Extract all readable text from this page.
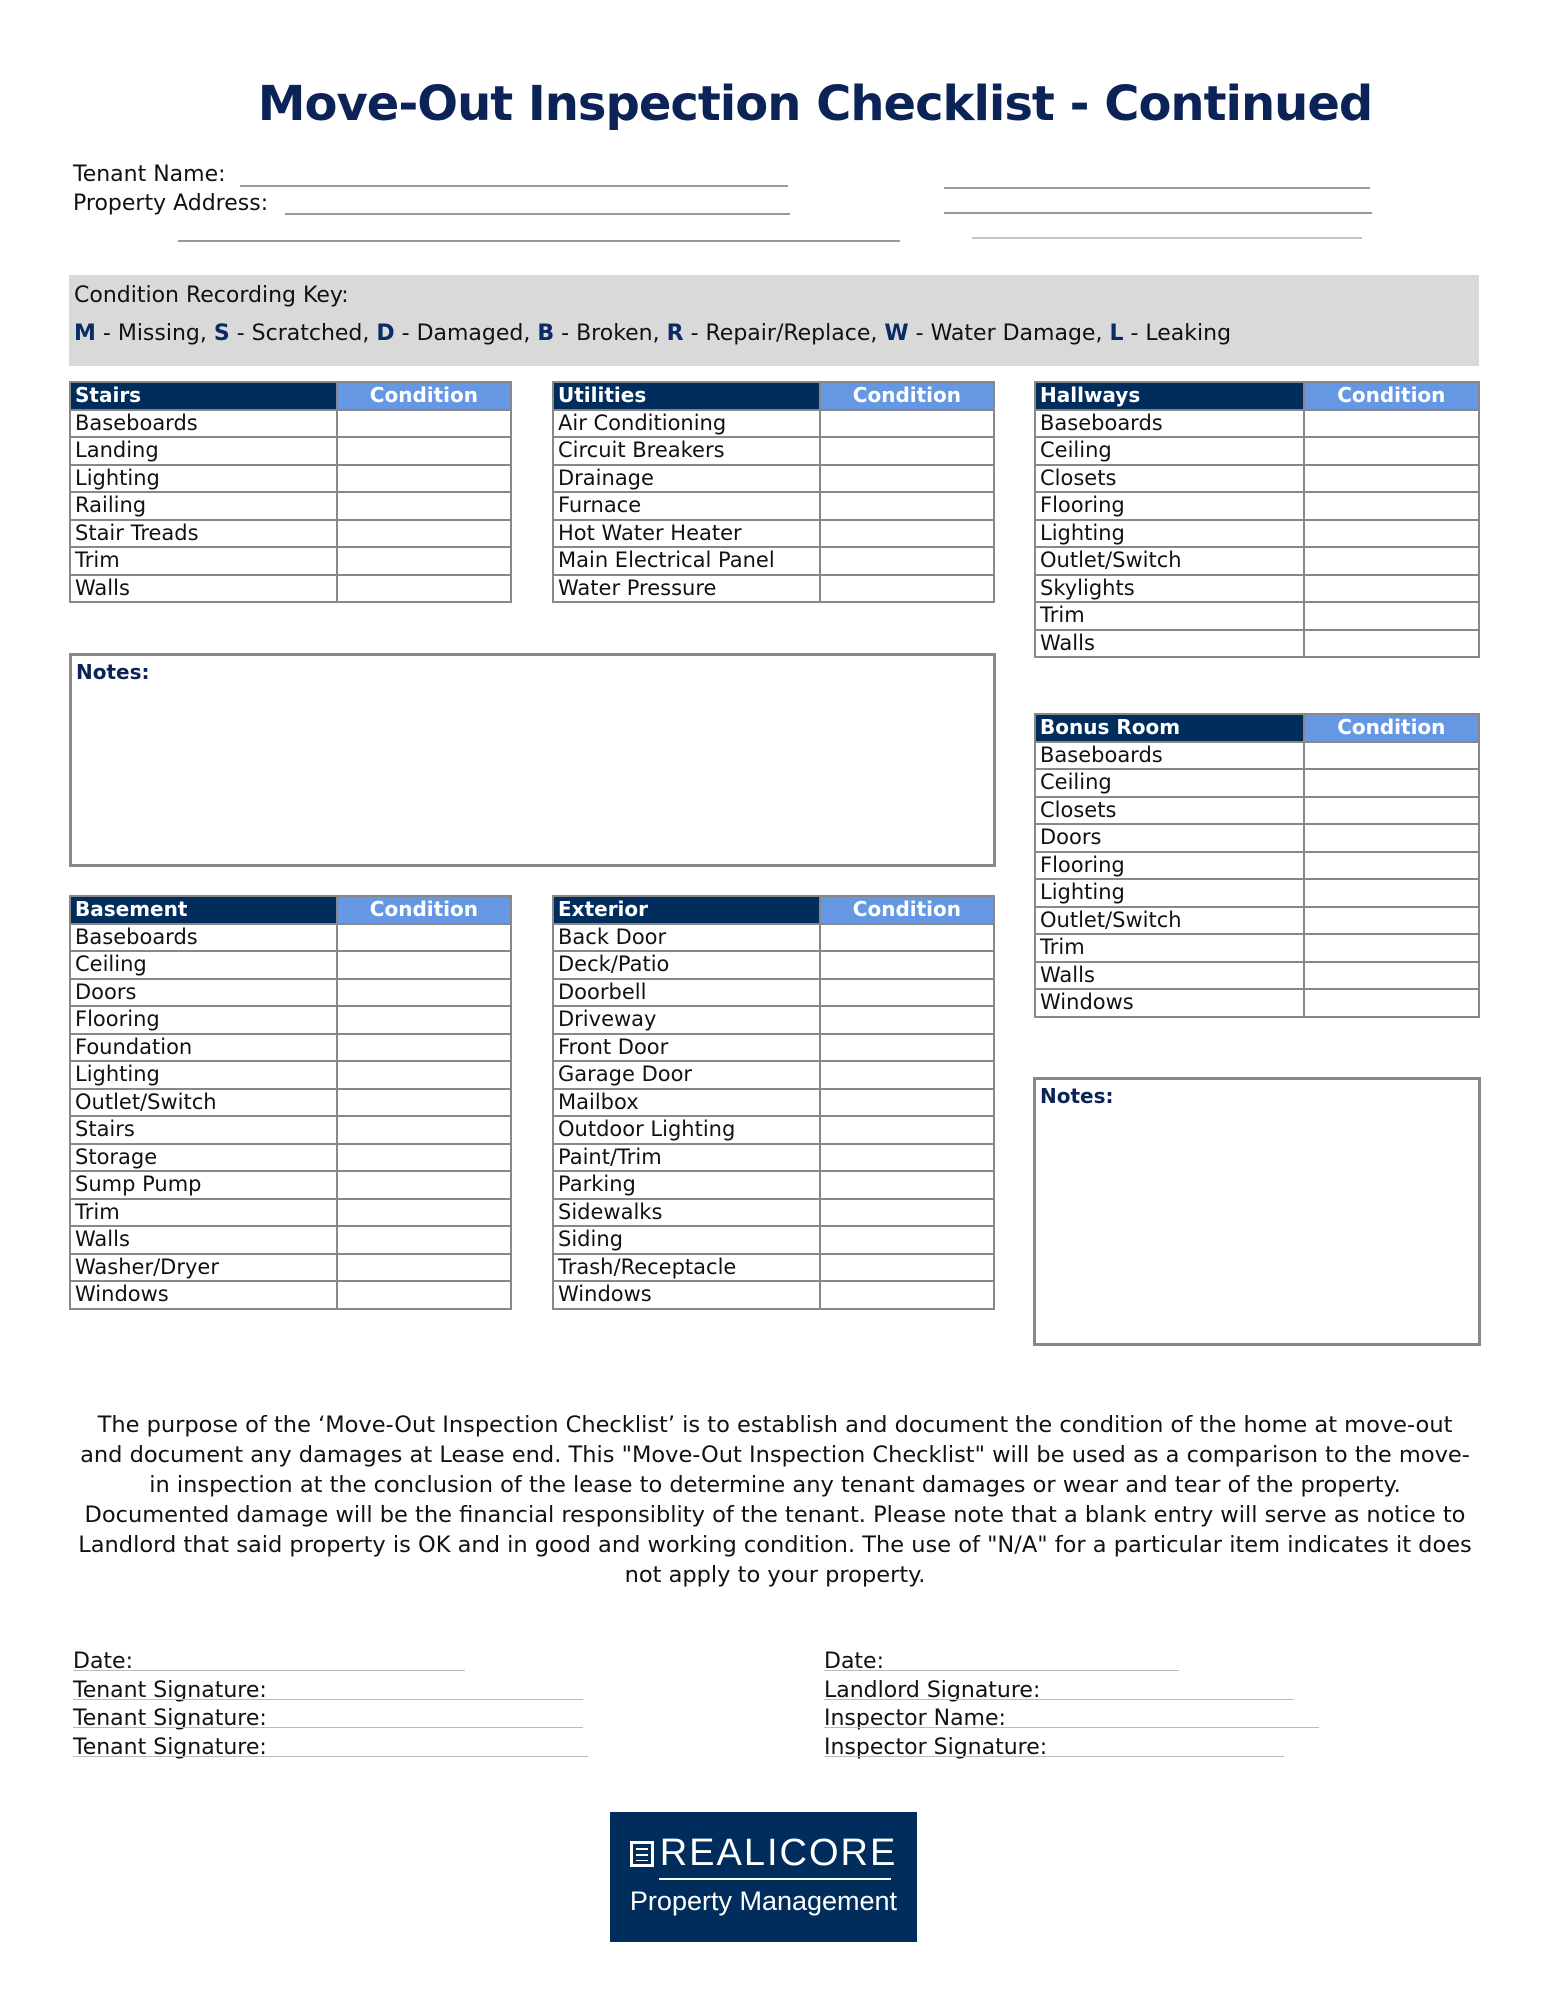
Move-Out Inspection Checklist - Continued
Tenant Name:
Property Address:
Condition Recording Key:
M - Missing, S - Scratched, D - Damaged, B - Broken, R - Repair/Replace, W - Water Damage, L - Leaking
Stairs	Condition
Baseboards	
Landing	
Lighting	
Railing	
Stair Treads	
Trim	
Walls	
Utilities	Condition
Air Conditioning	
Circuit Breakers	
Drainage	
Furnace	
Hot Water Heater	
Main Electrical Panel	
Water Pressure	
Hallways	Condition
Baseboards	
Ceiling	
Closets	
Flooring	
Lighting	
Outlet/Switch	
Skylights	
Trim	
Walls	
Bonus Room	Condition
Baseboards	
Ceiling	
Closets	
Doors	
Flooring	
Lighting	
Outlet/Switch	
Trim	
Walls	
Windows	
Basement	Condition
Baseboards	
Ceiling	
Doors	
Flooring	
Foundation	
Lighting	
Outlet/Switch	
Stairs	
Storage	
Sump Pump	
Trim	
Walls	
Washer/Dryer	
Windows	
Exterior	Condition
Back Door	
Deck/Patio	
Doorbell	
Driveway	
Front Door	
Garage Door	
Mailbox	
Outdoor Lighting	
Paint/Trim	
Parking	
Sidewalks	
Siding	
Trash/Receptacle	
Windows	
Notes:
Notes:
The purpose of the ‘Move-Out Inspection Checklist’ is to establish and document the condition of the home at move-out and document any damages at Lease end. This "Move-Out Inspection Checklist" will be used as a comparison to the move-in inspection at the conclusion of the lease to determine any tenant damages or wear and tear of the property. Documented damage will be the financial responsiblity of the tenant. Please note that a blank entry will serve as notice to Landlord that said property is OK and in good and working condition. The use of "N/A" for a particular item indicates it does not apply to your property.
Date:
Tenant Signature:
Tenant Signature:
Tenant Signature:
Date:
Landlord Signature:
Inspector Name:
Inspector Signature:
REALICORE
Property Management
